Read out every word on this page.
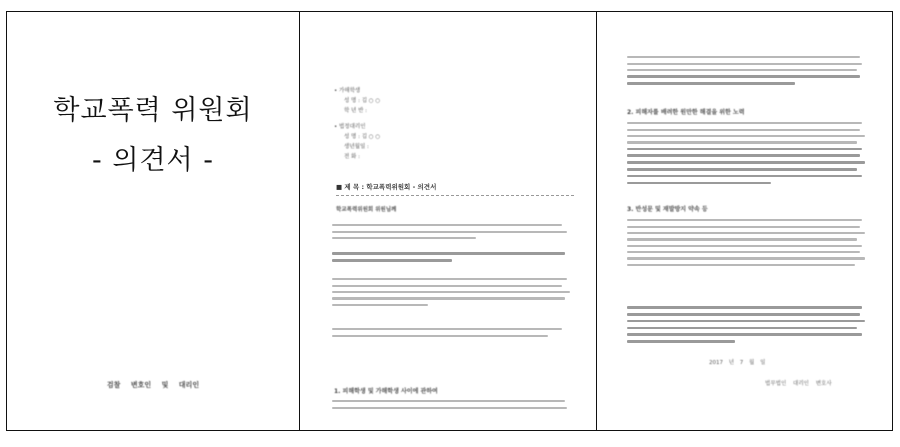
학교폭력 위원회
- 의견서 -
검찰 변호인 및 대리인
• 가해학생
성 명 : 김 ○ ○
학 년 반 :
• 법정대리인
성 명 : 김 ○ ○
생년월일 :
전 화 :
■ 제 목 : 학교폭력위원회 - 의견서
학교폭력위원회 위원님께
1. 피해학생 및 가해학생 사이에 관하여
2. 피해자를 배려한 원만한 해결을 위한 노력
3. 반성문 및 재발방지 약속 등
2017 년 7 월 일
법무법인 대리인 변호사
